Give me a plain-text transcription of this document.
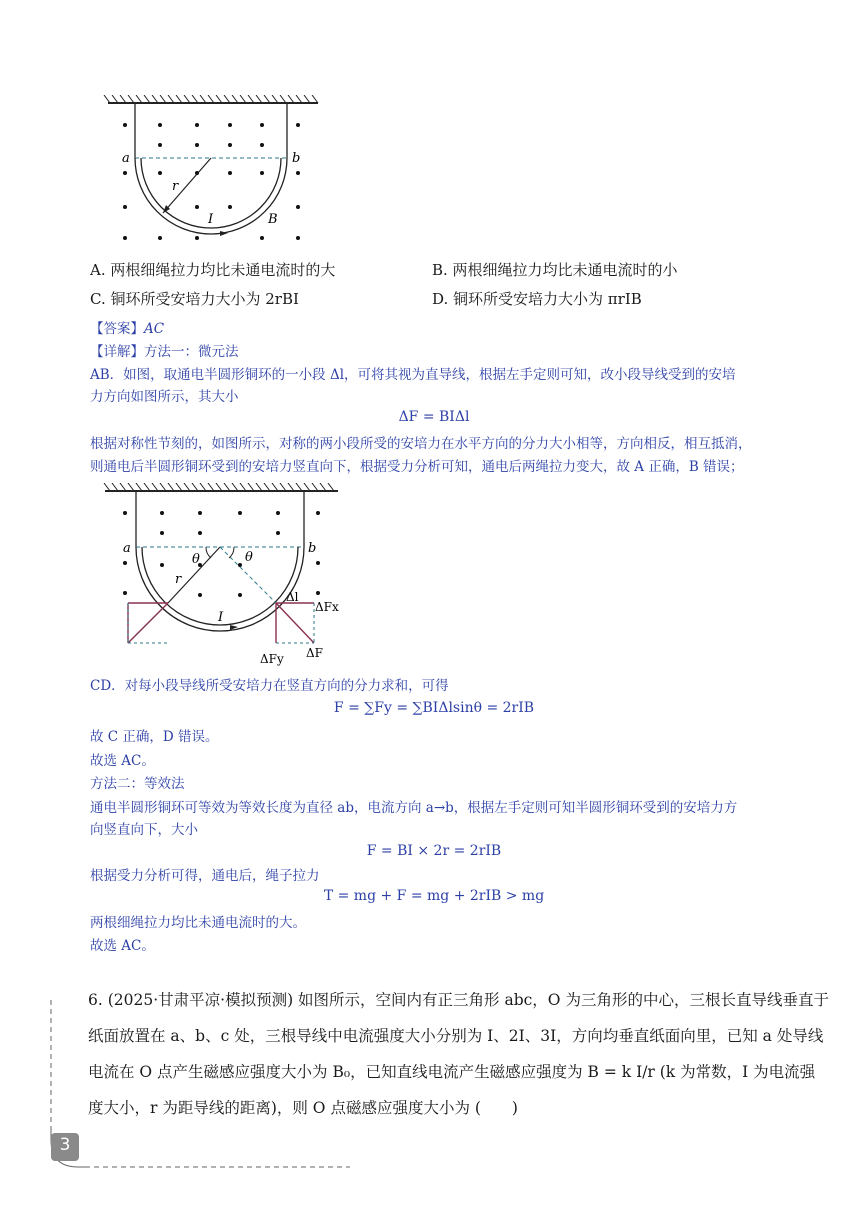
a	b
r
I	B
A. 两根细绳拉力均比未通电流时的大	B. 两根细绳拉力均比未通电流时的小
C. 铜环所受安培力大小为 2rBI	D. 铜环所受安培力大小为 πrIB
【答案】AC
【详解】方法一：微元法
AB．如图，取通电半圆形铜环的一小段 Δl，可将其视为直导线，根据左手定则可知，改小段导线受到的安培
力方向如图所示，其大小
ΔF = BIΔl
根据对称性节刻的，如图所示，对称的两小段所受的安培力在水平方向的分力大小相等，方向相反，相互抵消，
则通电后半圆形铜环受到的安培力竖直向下，根据受力分析可知，通电后两绳拉力变大，故 A 正确，B 错误；
a	b
r
θ	θ
I
Δl
ΔFx
ΔFy ΔF
CD．对每小段导线所受安培力在竖直方向的分力求和，可得
F = ∑Fy = ∑BIΔlsinθ = 2rIB
故 C 正确，D 错误。
故选 AC。
方法二：等效法
通电半圆形铜环可等效为等效长度为直径 ab，电流方向 a→b，根据左手定则可知半圆形铜环受到的安培力方
向竖直向下，大小
F = BI × 2r = 2rIB
根据受力分析可得，通电后，绳子拉力
T = mg + F = mg + 2rIB > mg
两根细绳拉力均比未通电流时的大。
故选 AC。
6. (2025·甘肃平凉·模拟预测) 如图所示，空间内有正三角形 abc，O 为三角形的中心，三根长直导线垂直于
纸面放置在 a、b、c 处，三根导线中电流强度大小分别为 I、2I、3I，方向均垂直纸面向里，已知 a 处导线
电流在 O 点产生磁感应强度大小为 B₀，已知直线电流产生磁感应强度为 B = k I/r (k 为常数，I 为电流强
度大小，r 为距导线的距离)，则 O 点磁感应强度大小为 (　　)
3
